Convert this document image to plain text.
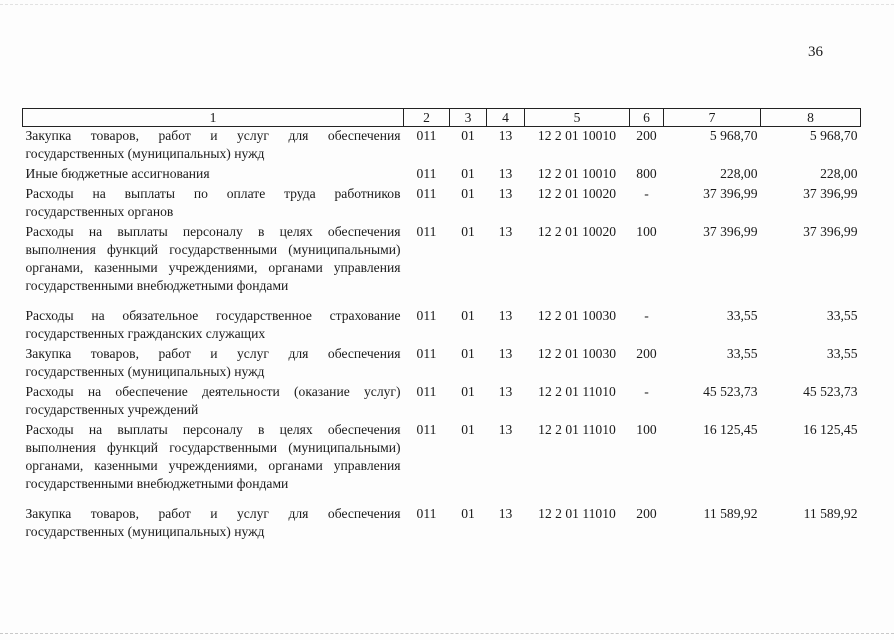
36
1	2	3	4	5	6	7	8
Закупка товаров, работ и услуг для обеспечения государственных (муниципальных) нужд	011	01	13	12 2 01 10010	200	5 968,70	5 968,70
Иные бюджетные ассигнования	011	01	13	12 2 01 10010	800	228,00	228,00
Расходы на выплаты по оплате труда работников государственных органов	011	01	13	12 2 01 10020	-	37 396,99	37 396,99
Расходы на выплаты персоналу в целях обеспечения выполнения функций государственными (муниципальными) органами, казенными учреждениями, органами управления государственными внебюджетными фондами	011	01	13	12 2 01 10020	100	37 396,99	37 396,99
Расходы на обязательное государственное страхование государственных гражданских служащих	011	01	13	12 2 01 10030	-	33,55	33,55
Закупка товаров, работ и услуг для обеспечения государственных (муниципальных) нужд	011	01	13	12 2 01 10030	200	33,55	33,55
Расходы на обеспечение деятельности (оказание услуг) государственных учреждений	011	01	13	12 2 01 11010	-	45 523,73	45 523,73
Расходы на выплаты персоналу в целях обеспечения выполнения функций государственными (муниципальными) органами, казенными учреждениями, органами управления государственными внебюджетными фондами	011	01	13	12 2 01 11010	100	16 125,45	16 125,45
Закупка товаров, работ и услуг для обеспечения государственных (муниципальных) нужд	011	01	13	12 2 01 11010	200	11 589,92	11 589,92
